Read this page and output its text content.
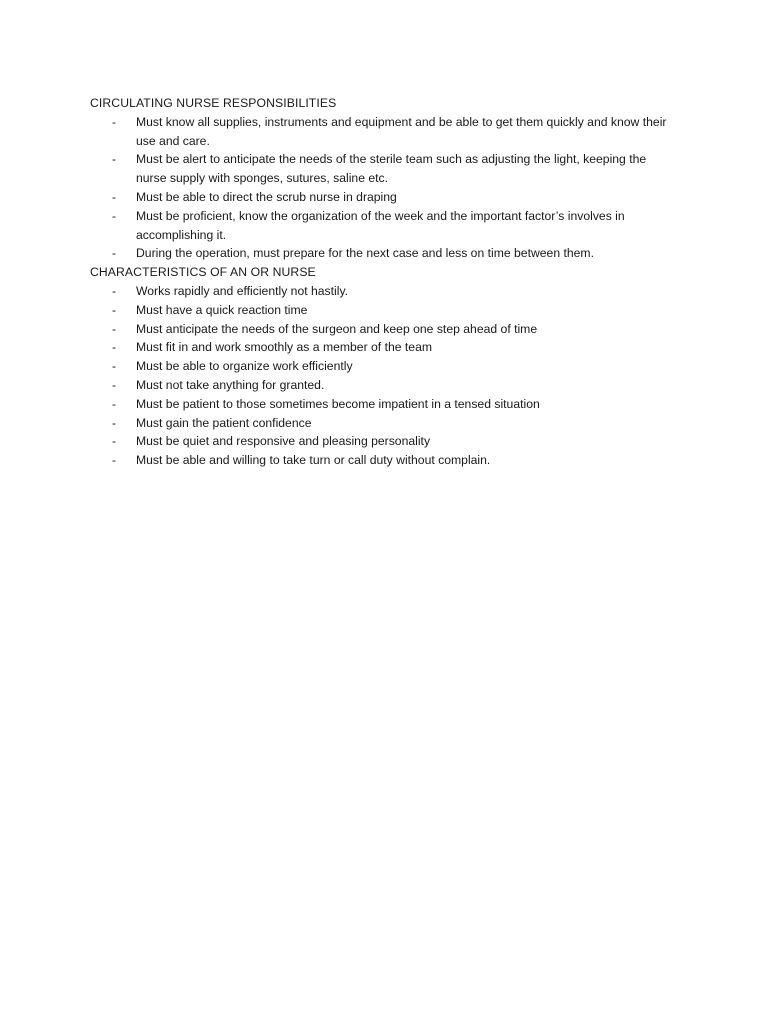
CIRCULATING NURSE RESPONSIBILITIES
- Must know all supplies, instruments and equipment and be able to get them quickly and know their use and care.
- Must be alert to anticipate the needs of the sterile team such as adjusting the light, keeping the nurse supply with sponges, sutures, saline etc.
- Must be able to direct the scrub nurse in draping
- Must be proficient, know the organization of the week and the important factor’s involves in accomplishing it.
- During the operation, must prepare for the next case and less on time between them.
CHARACTERISTICS OF AN OR NURSE
- Works rapidly and efficiently not hastily.
- Must have a quick reaction time
- Must anticipate the needs of the surgeon and keep one step ahead of time
- Must fit in and work smoothly as a member of the team
- Must be able to organize work efficiently
- Must not take anything for granted.
- Must be patient to those sometimes become impatient in a tensed situation
- Must gain the patient confidence
- Must be quiet and responsive and pleasing personality
- Must be able and willing to take turn or call duty without complain.
